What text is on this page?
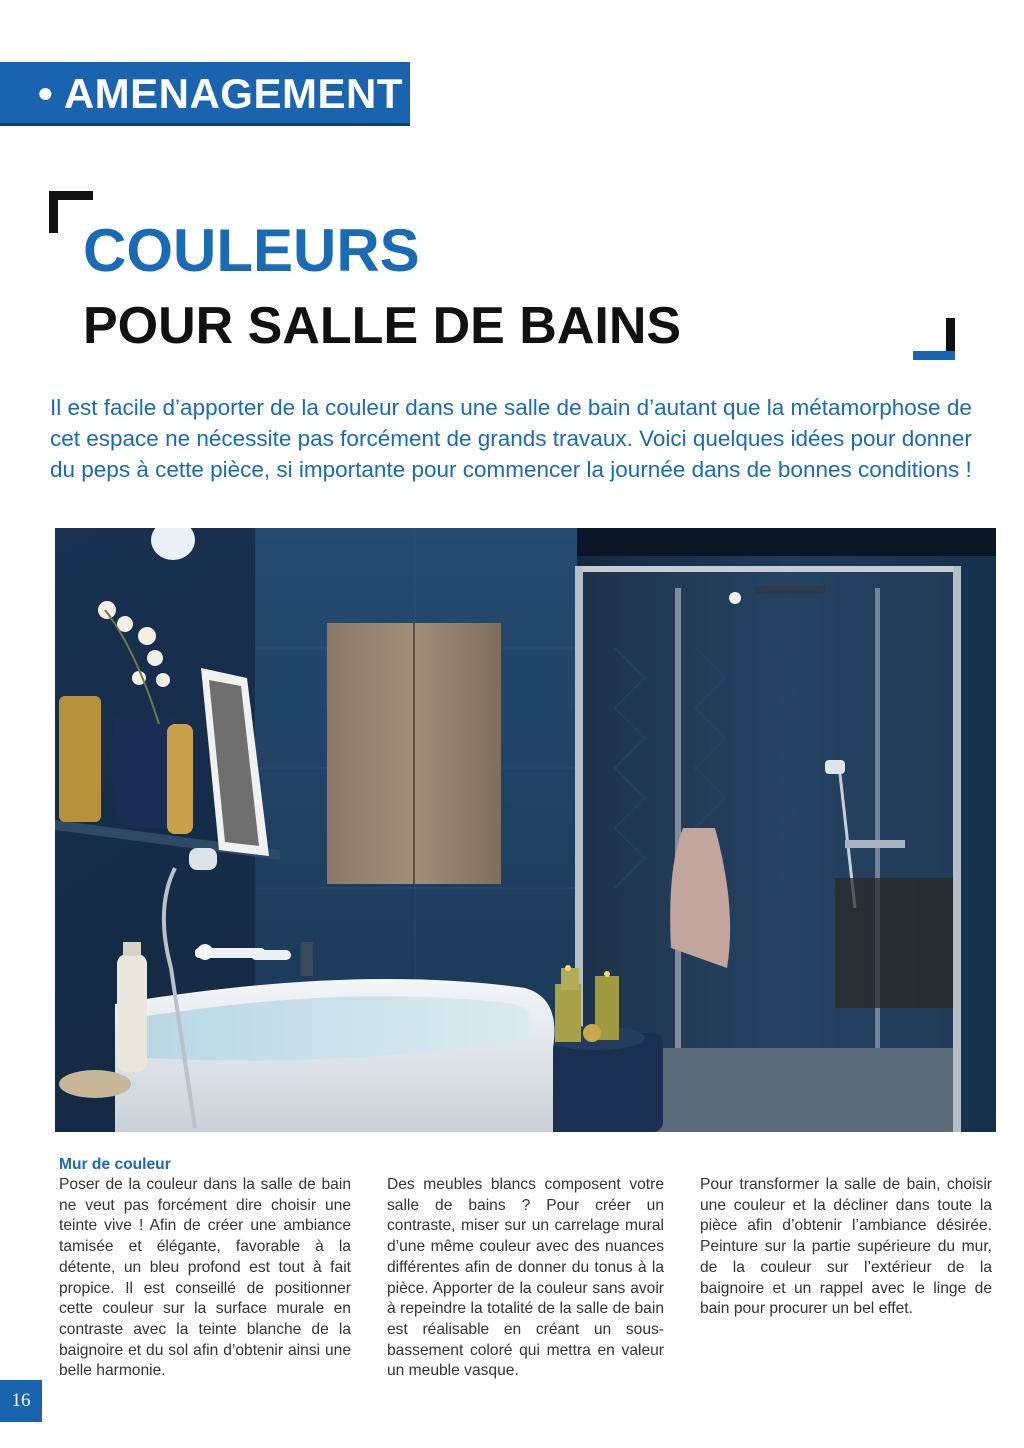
• AMENAGEMENT
COULEURS
POUR SALLE DE BAINS

Il est facile d’apporter de la couleur dans une salle de bain d’autant que la métamorphose de cet espace ne nécessite pas forcément de grands travaux. Voici quelques idées pour donner du peps à cette pièce, si importante pour commencer la journée dans de bonnes conditions !

Mur de couleur

Poser de la couleur dans la salle de bain ne veut pas forcément dire choisir une teinte vive ! Afin de créer une ambiance tamisée et élégante, favorable à la détente, un bleu profond est tout à fait propice. Il est conseillé de positionner cette couleur sur la surface murale en contraste avec la teinte blanche de la baignoire et du sol afin d’obtenir ainsi une belle harmonie.

Des meubles blancs composent votre salle de bains ? Pour créer un contraste, miser sur un carrelage mural d’une même couleur avec des nuances différentes afin de donner du tonus à la pièce. Apporter de la couleur sans avoir à repeindre la totalité de la salle de bain est réalisable en créant un sous-bassement coloré qui mettra en valeur un meuble vasque.

Pour transformer la salle de bain, choisir une couleur et la décliner dans toute la pièce afin d’obtenir l’ambiance désirée. Peinture sur la partie supérieure du mur, de la couleur sur l’extérieur de la baignoire et un rappel avec le linge de bain pour procurer un bel effet.

16
